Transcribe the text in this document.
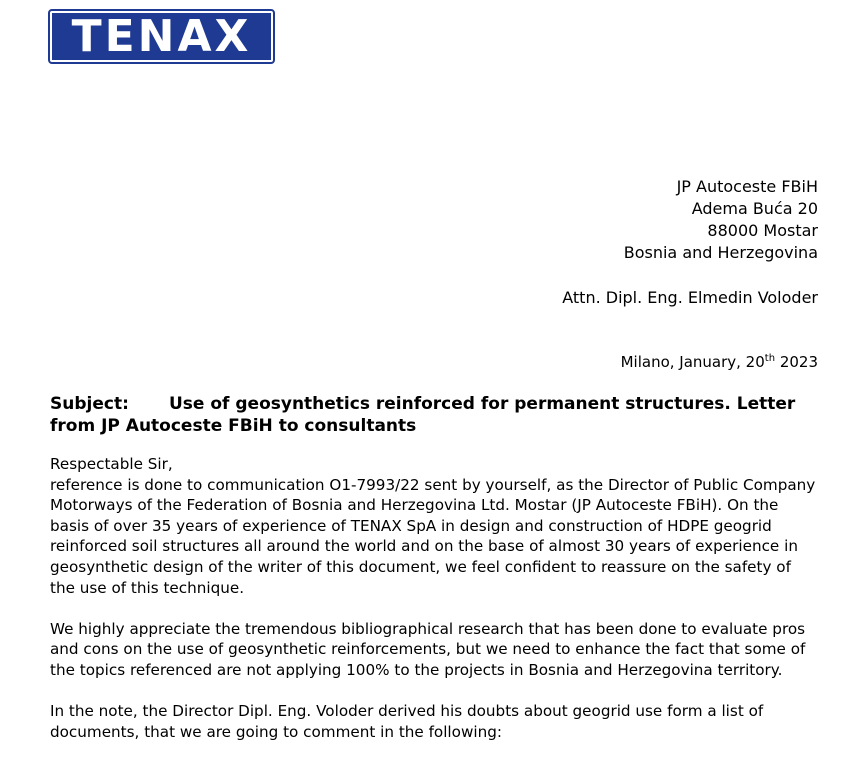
TENAX
JP Autoceste FBiH
Adema Buća 20
88000 Mostar
Bosnia and Herzegovina
Attn. Dipl. Eng. Elmedin Voloder
Milano, January, 20th 2023
Subject: Use of geosynthetics reinforced for permanent structures. Letter from JP Autoceste FBiH to consultants

Respectable Sir,
reference is done to communication O1-7993/22 sent by yourself, as the Director of Public Company Motorways of the Federation of Bosnia and Herzegovina Ltd. Mostar (JP Autoceste FBiH). On the basis of over 35 years of experience of TENAX SpA in design and construction of HDPE geogrid reinforced soil structures all around the world and on the base of almost 30 years of experience in geosynthetic design of the writer of this document, we feel confident to reassure on the safety of the use of this technique.

We highly appreciate the tremendous bibliographical research that has been done to evaluate pros and cons on the use of geosynthetic reinforcements, but we need to enhance the fact that some of the topics referenced are not applying 100% to the projects in Bosnia and Herzegovina territory.

In the note, the Director Dipl. Eng. Voloder derived his doubts about geogrid use form a list of documents, that we are going to comment in the following:
